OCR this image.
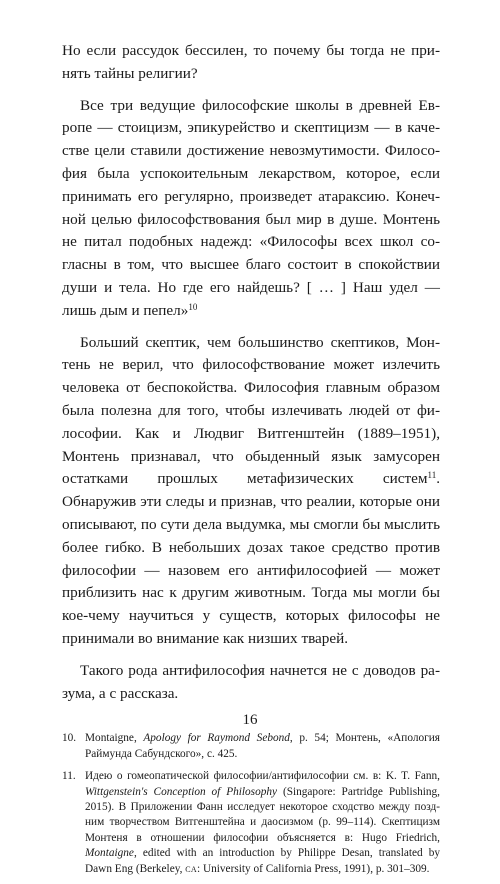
Но если рассудок бессилен, то почему бы тогда не принять тайны религии?

Все три ведущие философские школы в древней Европе — стоицизм, эпикурейство и скептицизм — в качестве цели ставили достижение невозмутимости. Философия была успокоительным лекарством, которое, если принимать его регулярно, произведет атараксию. Конечной целью философствования был мир в душе. Монтень не питал подобных надежд: «Философы всех школ согласны в том, что высшее благо состоит в спокойствии души и тела. Но где его найдешь? [ … ] Наш удел — лишь дым и пепел»$^{10}$

Больший скептик, чем большинство скептиков, Монтень не верил, что философствование может излечить человека от беспокойства. Философия главным образом была полезна для того, чтобы излечивать людей от философии. Как и Людвиг Витгенштейн (1889–1951), Монтень признавал, что обыденный язык замусорен остатками прошлых метафизических систем$^{11}$. Обнаружив эти следы и признав, что реалии, которые они описывают, по сути дела выдумка, мы смогли бы мыслить более гибко. В небольших дозах такое средство против философии — назовем его антифилософией — может приблизить нас к другим животным. Тогда мы могли бы кое-чему научиться у существ, которых философы не принимали во внимание как низших тварей.

Такого рода антифилософия начнется не с доводов разума, а с рассказа.

10. Montaigne, Apology for Raymond Sebond, p. 54; Монтень, «Апология Раймунда Сабундского», с. 425.
11. Идею о гомеопатической философии/антифилософии см. в: K. T. Fann, Wittgenstein's Conception of Philosophy (Singapore: Partridge Publishing, 2015). В Приложении Фанн исследует некоторое сходство между поздним творчеством Витгенштейна и даосизмом (p. 99–114). Скептицизм Монтеня в отношении философии объясняется в: Hugo Friedrich, Montaigne, edited with an introduction by Philippe Desan, translated by Dawn Eng (Berkeley, ca: University of California Press, 1991), p. 301–309.
16
